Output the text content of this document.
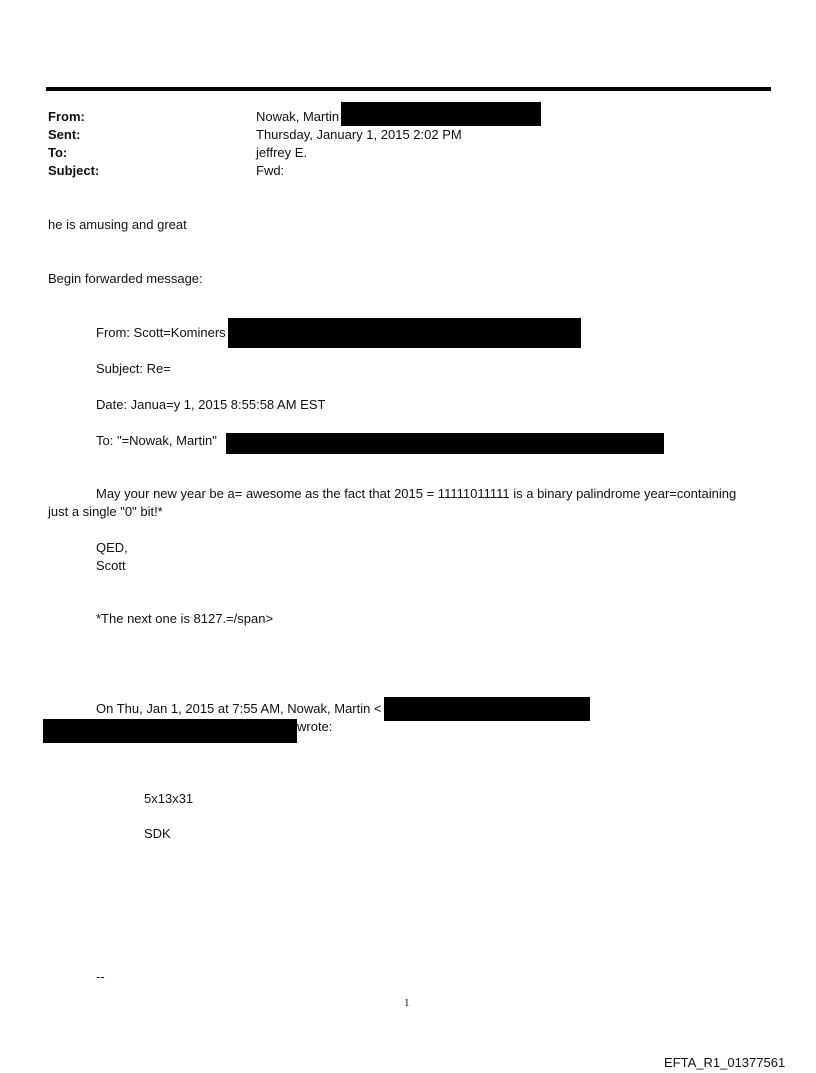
From:	Nowak, Martin
Sent:	Thursday, January 1, 2015 2:02 PM
To:	jeffrey E.
Subject:	Fwd:
he is amusing and great
Begin forwarded message:
From: Scott=Kominers
Subject: Re=
Date: Janua=y 1, 2015 8:55:58 AM EST
To: "=Nowak, Martin"
May your new year be a= awesome as the fact that 2015 = 11111011111 is a binary palindrome year=containing
just a single "0" bit!*
QED,
Scott
*The next one is 8127.=/span>
On Thu, Jan 1, 2015 at 7:55 AM, Nowak, Martin <
wrote:
5x13x31
SDK
--
1
EFTA_R1_01377561
